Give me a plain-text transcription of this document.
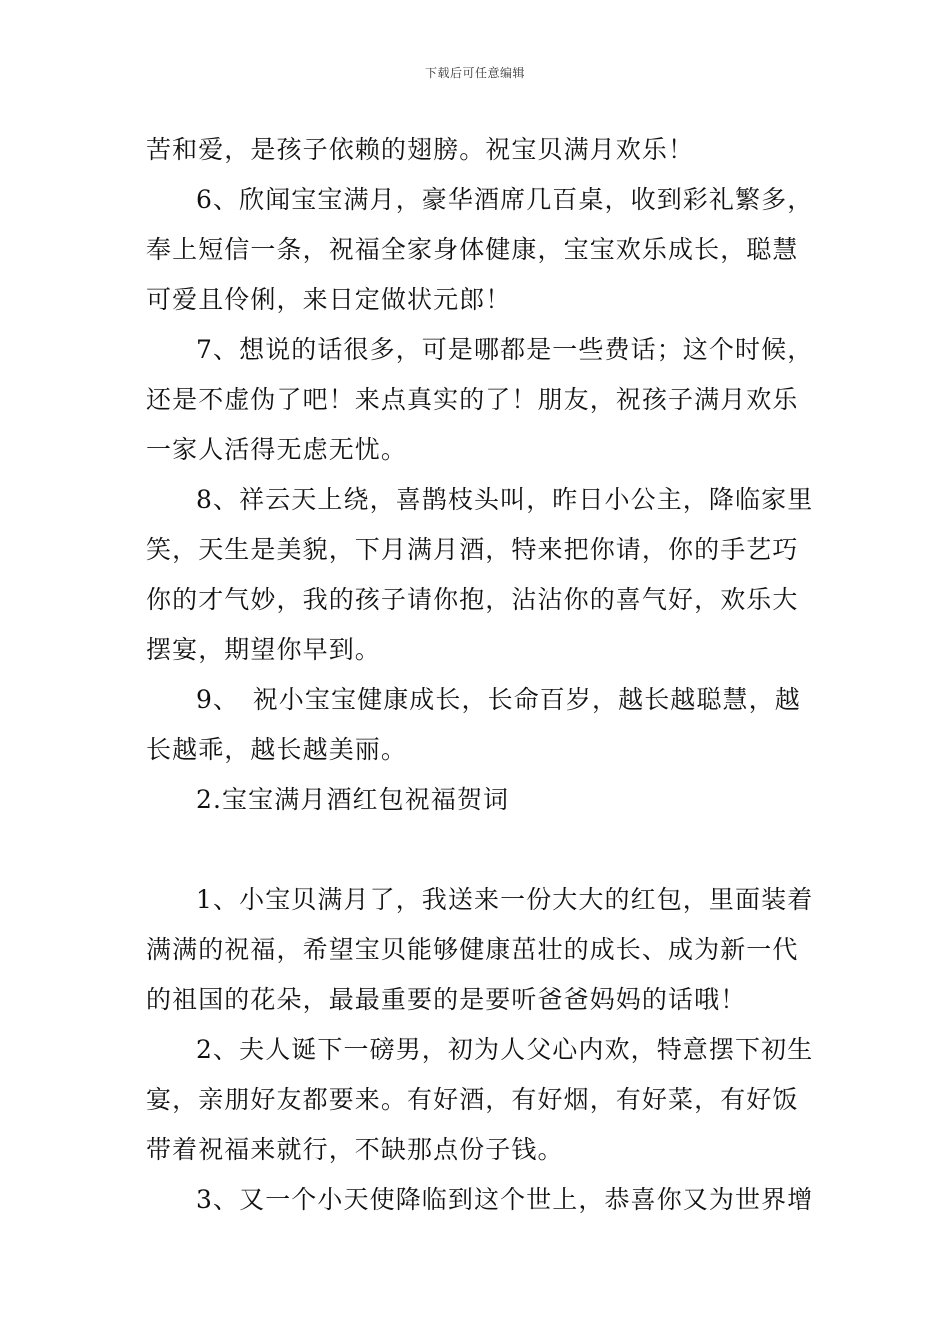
下载后可任意编辑
苦和爱，是孩子依赖的翅膀。祝宝贝满月欢乐！
6、欣闻宝宝满月，豪华酒席几百桌，收到彩礼繁多，
奉上短信一条，祝福全家身体健康，宝宝欢乐成长，聪慧
可爱且伶俐，来日定做状元郎！
7、想说的话很多，可是哪都是一些费话；这个时候，
还是不虚伪了吧！来点真实的了！朋友，祝孩子满月欢乐
一家人活得无虑无忧。
8、祥云天上绕，喜鹊枝头叫，昨日小公主，降临家里
笑，天生是美貌，下月满月酒，特来把你请，你的手艺巧
你的才气妙，我的孩子请你抱，沾沾你的喜气好，欢乐大
摆宴，期望你早到。
9、　祝小宝宝健康成长，长命百岁，越长越聪慧，越
长越乖，越长越美丽。
2.宝宝满月酒红包祝福贺词
1、小宝贝满月了，我送来一份大大的红包，里面装着
满满的祝福，希望宝贝能够健康茁壮的成长、成为新一代
的祖国的花朵，最最重要的是要听爸爸妈妈的话哦！
2、夫人诞下一磅男，初为人父心内欢，特意摆下初生
宴，亲朋好友都要来。有好酒，有好烟，有好菜，有好饭
带着祝福来就行，不缺那点份子钱。
3、又一个小天使降临到这个世上，恭喜你又为世界增
